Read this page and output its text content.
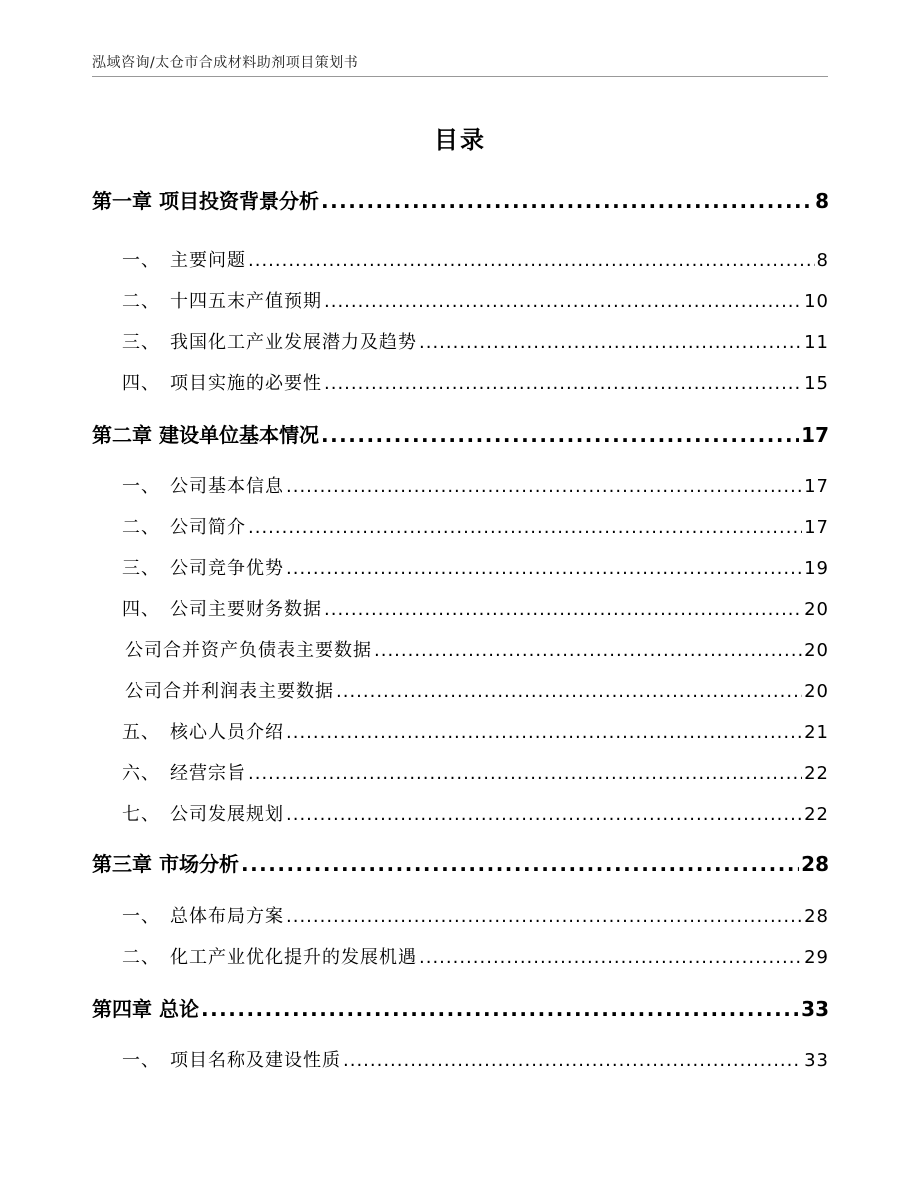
泓域咨询/太仓市合成材料助剂项目策划书
目录
第一章 项目投资背景分析 .....	8
一、 主要问题 .....	8
二、 十四五末产值预期 .....	10
三、 我国化工产业发展潜力及趋势 .....	11
四、 项目实施的必要性 .....	15
第二章 建设单位基本情况 .....	17
一、 公司基本信息 .....	17
二、 公司简介 .....	17
三、 公司竞争优势 .....	19
四、 公司主要财务数据 .....	20
公司合并资产负债表主要数据 .....	20
公司合并利润表主要数据 .....	20
五、 核心人员介绍 .....	21
六、 经营宗旨 .....	22
七、 公司发展规划 .....	22
第三章 市场分析 .....	28
一、 总体布局方案 .....	28
二、 化工产业优化提升的发展机遇 .....	29
第四章 总论 .....	33
一、 项目名称及建设性质 .....	33
